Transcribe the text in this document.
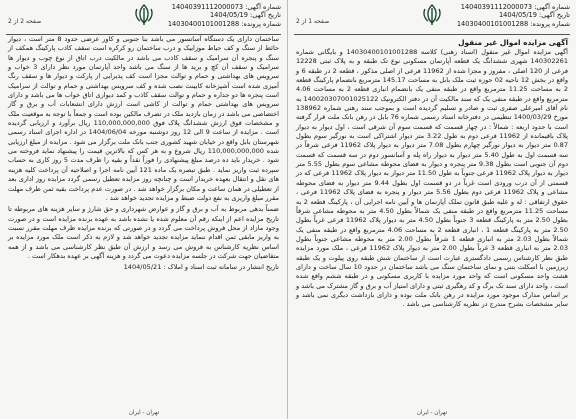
شماره آگهی: 14040391112000073
تاریخ آگهی: 1404/05/19
شماره پرونده: 14030400101001288
صفحه 2 از 2

ساختمان دارای یک دستگاه آسانسور می باشد بنا جنوبی و کاور عرضی حدود 8 متر است ، دیوار حائط از سنگ و کف حیاط موزاییک و درب ساختمان رو کرکره است سقف کاذب پارکینگ همکف از سنگ و پنجره آن سرامیک و سقف کاذب می باشد در مالکیت درب اتاق از نوع چوب و دیوار ها سرامیک و سقف آن کچ و برید ها از سنگ می باشد واحد آپارتمان مورد نظر دارای 3 خواب و سرویس های بهداشتی و حمام و توالت مجزا است کف پذیرایی از پارکت و دیوار ها و سقف رنگ آمیزی شده است آشپزخانه کابینت نصب شده و کف سرویس بهداشتی و حمام و توالت از سرامیک است پنجره ها دو جداره و حمام و توالت سقف کاذب و کمد دیواری اتاق خواب ها می باشد و دارای سرویس های بهداشتی حمام و توالت از کاشی است ارزش دارای انشعابات آب و برق و گاز اختصاصی می باشد در زمان بازدید ملک در تصرف مالکین بوده است و جمعاً با توجه به موقعیت ملک و مشخصات فوق ارزش ششدانگ پلاک فوق 110,000,000,000 ریال برآورد و ارزیابی گردیده است . مزایده از ساعت 9 الی 12 روز دوشنبه مورخه 1404/06/04 در اداره اجرای اسناد رسمی شهرستان بابل واقع در خیابان شهید کشوری جنب بانک ملت برگزار می شود . مزایده از مبلغ ارزیابی شده 110,000,000,000 ریال شروع و به هر کس که بالاترین قیمت را پیشنهاد نماید فروخته می شود . خریدار باید ده درصد مبلغ پیشنهادی را فوراً نقداً و بقیه را ظرف مدت 5 روز کاری به حساب سپرده ثبت واریز نماید . طبق تبصره یک ماده 121 آیین نامه اجرا و اصلاحیه آن پرداخت کلیه هزینه های نقل و انتقال بعهده خریدار است و چنانچه روز مزایده تعطیل رسمی گردد مزایده روز اداری بعد از تعطیلی در همان ساعت و مکان برگزار خواهد شد . در صورت عدم پرداخت بقیه ثمن ظرف مهلت مقرر مبلغ واریزی به نفع دولت ضبط و مزایده تجدید خواهد شد .

ضمناً بدهی مربوط به آب و برق و گاز و عوارض شهرداری و حق شارژ و سایر هزینه های مربوطه تا تاریخ مزایده اعم از اینکه رقم آن معلوم شده یا نشده باشد به عهده برنده مزایده است و در صورت وجود مازاد از محل فروش پرداخت می گردد و در صورتی که برنده مزایده ظرف مهلت مقرر نسبت به واریز مابقی ثمن اقدام ننماید مزایده تجدید خواهد شد و لازم به ذکر است ملک مورد مزایده بر اساس نظریه کارشناس به فروش می رسد و ارزش آن طبق نظر کارشناسی می باشد و از همه متقاضیان جهت شرکت در جلسه مزایده دعوت می گردد و هزینه آگهی بر عهده بدهکار است .

تاریخ انتشار در سامانه ثبت اسناد و املاک : 1404/05/21

تهران - ایران
شماره آگهی: 14040391112000073
تاریخ آگهی: 1404/05/19
شماره پرونده: 14030400101001288
صفحه 1 از 2
آگهی مزایده اموال غیر منقول

آگهی مزایده اموال غیر منقول (اسناد رهنی) کلاسه 14030400101001288 و بایگانی شماره 140302261 شهری ششدانگ یک قطعه آپارتمان مسکونی نوع تک طبقه و به پلاک ثبتی 12228 فرعی از 120 اصلی ، مفروز و مجزا شده از 11962 فرعی از اصلی مذکور ، قطعه 2 در طبقه 6 و واقع در بخش 12 ناحیه 02 حوزه ثبت ملک بابل به مساحت 145.17 مترمربع بانضمام پارکینگ قطعه 2 به مساحت 11.25 مترمربع واقع در طبقه منفی یک بانضمام انباری قطعه 2 به مساحت 4.06 مترمربع واقع در طبقه منفی یک که سند مالکیت آن در دفتر الکترونیک 140020307001025122 به نام آقای امیرعلی صفری ثبت و صادر و تسلیم گردیده است و بموجب سند رهنی شماره 138962 مورخ 1400/03/29 تنظیمی در دفترخانه اسناد رسمی شماره 76 بابل در رهن بانک ملت قرار گرفته است با حدود اربعه : شمالاً : در چهار قسمت که قسمت سوم آن شرقی است ، اول دیوار به دیوار پلاک باقیمانده از 11962 فرعی دوم به طول 3.22 متر دیوار اشتراکی است به نورگیر سوم بطول 0.87 متر دیوار به دیوار نورگیر چهارم بطول 7.08 متر دیوار به دیوار پلاک 11962 فرعی شرقاً در سه قسمت اول به طول 5.40 متر دیوار به دیوار راه پله و آسانسور دوم در سه قسمت که قسمت دوم آن جنوبی است بطول 9.38 متر پنجره و دیوار به فضای محوطه مشاعی سوم بطول 5.55 متر دیوار به دیوار پلاک 11962 فرعی جنوباً به طول 11.50 متر دیوار به دیوار پلاک 11962 فرعی که در قسمتی از آن درب ورودی است غرباً در دو قسمت اول بطول 9.44 متر دیوار به فضای محوطه مشاعی و پلاک 11962 فرعی دوم بطول 5.56 متر دیوار و پنجره به فضای پلاک 11962 فرعی ، حقوق ارتفاقی : له و علیه طبق قانون تملک آپارتمان ها و آیین نامه اجرایی آن ، پارکینگ قطعه 2 به مساحت 11.25 مترمربع واقع در طبقه منفی یک شمالاً بطول 4.50 متر به محوطه مشاعی شرقاً بطول 2.50 متر به پارکینگ قطعه 3 جنوباً بطول 4.50 متر به دیوار پلاک 11962 فرعی غرباً بطول 2.50 متر به پارکینگ قطعه 1 ، انباری قطعه 2 به مساحت 4.06 مترمربع واقع در طبقه منفی یک شمالاً بطول 2.03 متر به انباری قطعه 1 شرقاً بطول 2.00 متر به محوطه مشاعی جنوباً بطول 2.03 متر به انباری قطعه 3 غرباً بطول 2.00 متر به دیوار پلاک 11962 فرعی ، ملک مورد مزایده طبق نظر کارشناس رسمی دادگستری عبارت است از ساختمان شش طبقه روی پیلوت و یک طبقه زیرزمین با اسکلت بتنی و نمای ساختمان سنگ می باشد ساختمان در حدود 10 سال ساخت و دارای هشت واحد مسکونی است که واحد مورد مزایده با کاربری مسکونی و در طبقه ششم واقع شده است ، واحد دارای سند تک برگ و کد رهگیری ثبتی و دارای امتیاز آب و برق و گاز مشترک می باشد و بر اساس مدارک موجود مورد مزایده در رهن بانک ملت بوده و دارای بازداشت دیگری نمی باشد و سایر مشخصات بشرح مندرج در نظریه کارشناسی می باشد .

تهران - ایران
